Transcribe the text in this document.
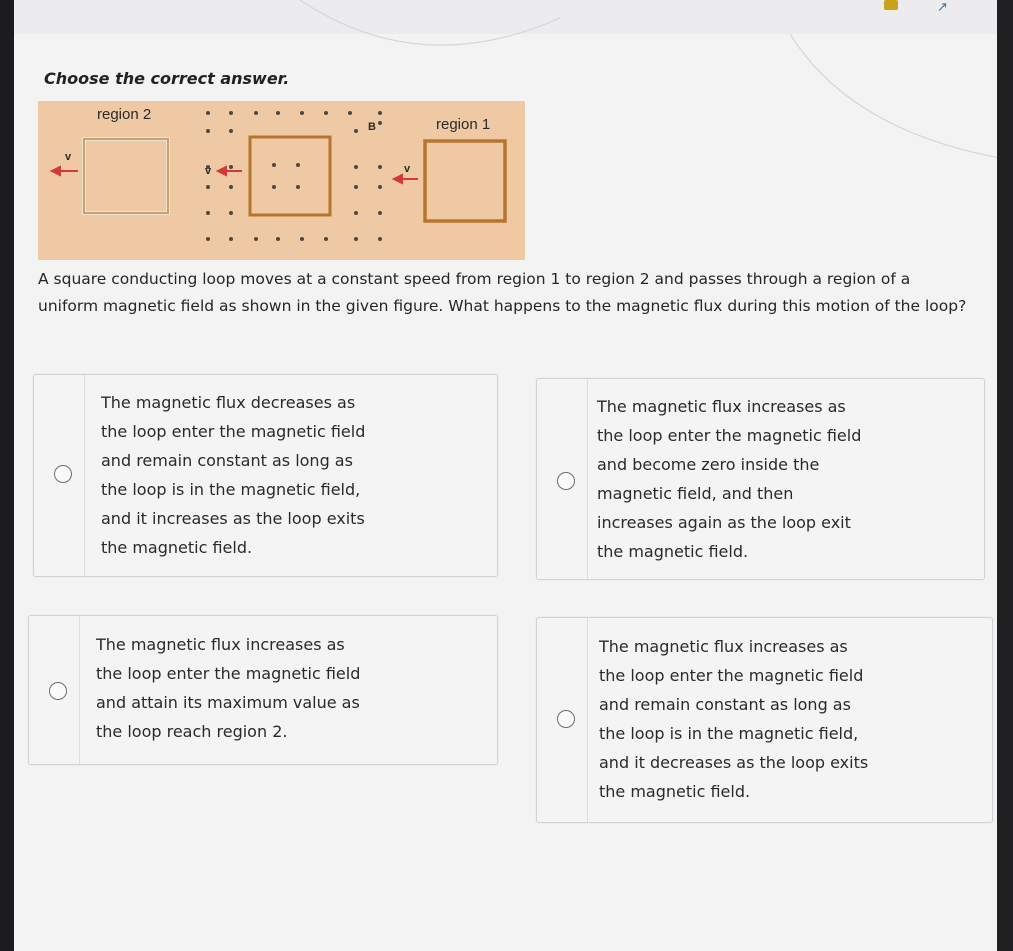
↗
Choose the correct answer.
region 2
region 1
B
v
v	v
A square conducting loop moves at a constant speed from region 1 to region 2 and passes through a region of a uniform magnetic field as shown in the given figure. What happens to the magnetic flux during this motion of the loop?
The magnetic flux decreases as
the loop enter the magnetic field
and remain constant as long as
the loop is in the magnetic field,
and it increases as the loop exits
the magnetic field.
The magnetic flux increases as
the loop enter the magnetic field
and become zero inside the
magnetic field, and then
increases again as the loop exit
the magnetic field.
The magnetic flux increases as
the loop enter the magnetic field
and attain its maximum value as
the loop reach region 2.
The magnetic flux increases as
the loop enter the magnetic field
and remain constant as long as
the loop is in the magnetic field,
and it decreases as the loop exits
the magnetic field.
